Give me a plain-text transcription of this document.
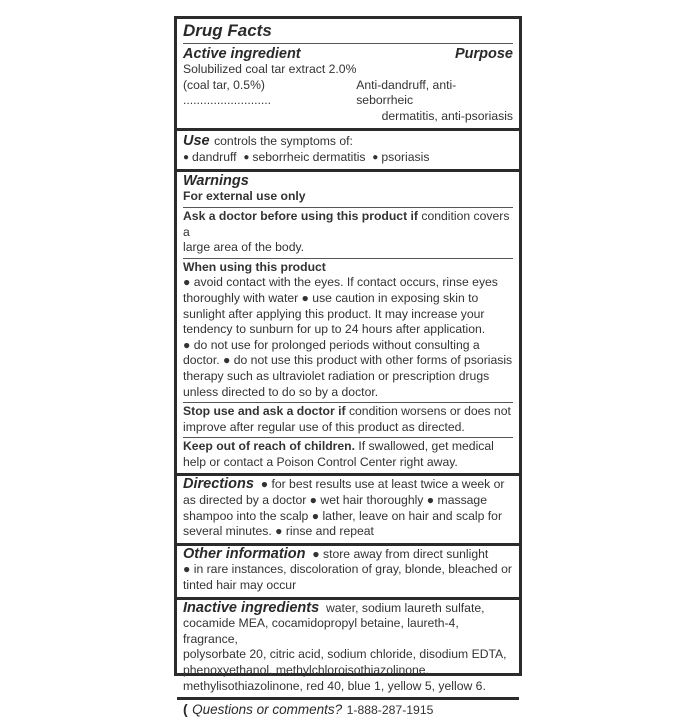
Drug Facts
Active ingredient	Purpose
Solubilized coal tar extract 2.0%
(coal tar, 0.5%) ..........................
Anti-dandruff, anti-seborrheic
dermatitis, anti-psoriasis
Use controls the symptoms of:
● dandruff ● seborrheic dermatitis ● psoriasis
Warnings
For external use only
Ask a doctor before using this product if condition covers a
large area of the body.
When using this product
● avoid contact with the eyes. If contact occurs, rinse eyes
thoroughly with water ● use caution in exposing skin to
sunlight after applying this product. It may increase your
tendency to sunburn for up to 24 hours after application.
● do not use for prolonged periods without consulting a
doctor. ● do not use this product with other forms of psoriasis
therapy such as ultraviolet radiation or prescription drugs
unless directed to do so by a doctor.
Stop use and ask a doctor if condition worsens or does not
improve after regular use of this product as directed.
Keep out of reach of children. If swallowed, get medical
help or contact a Poison Control Center right away.
Directions ● for best results use at least twice a week or
as directed by a doctor ● wet hair thoroughly ● massage
shampoo into the scalp ● lather, leave on hair and scalp for
several minutes. ● rinse and repeat
Other information ● store away from direct sunlight
● in rare instances, discoloration of gray, blonde, bleached or
tinted hair may occur
Inactive ingredients water, sodium laureth sulfate,
cocamide MEA, cocamidopropyl betaine, laureth-4, fragrance,
polysorbate 20, citric acid, sodium chloride, disodium EDTA,
phenoxyethanol, methylchloroisothiazolinone,
methylisothiazolinone, red 40, blue 1, yellow 5, yellow 6.
( Questions or comments? 1-888-287-1915
